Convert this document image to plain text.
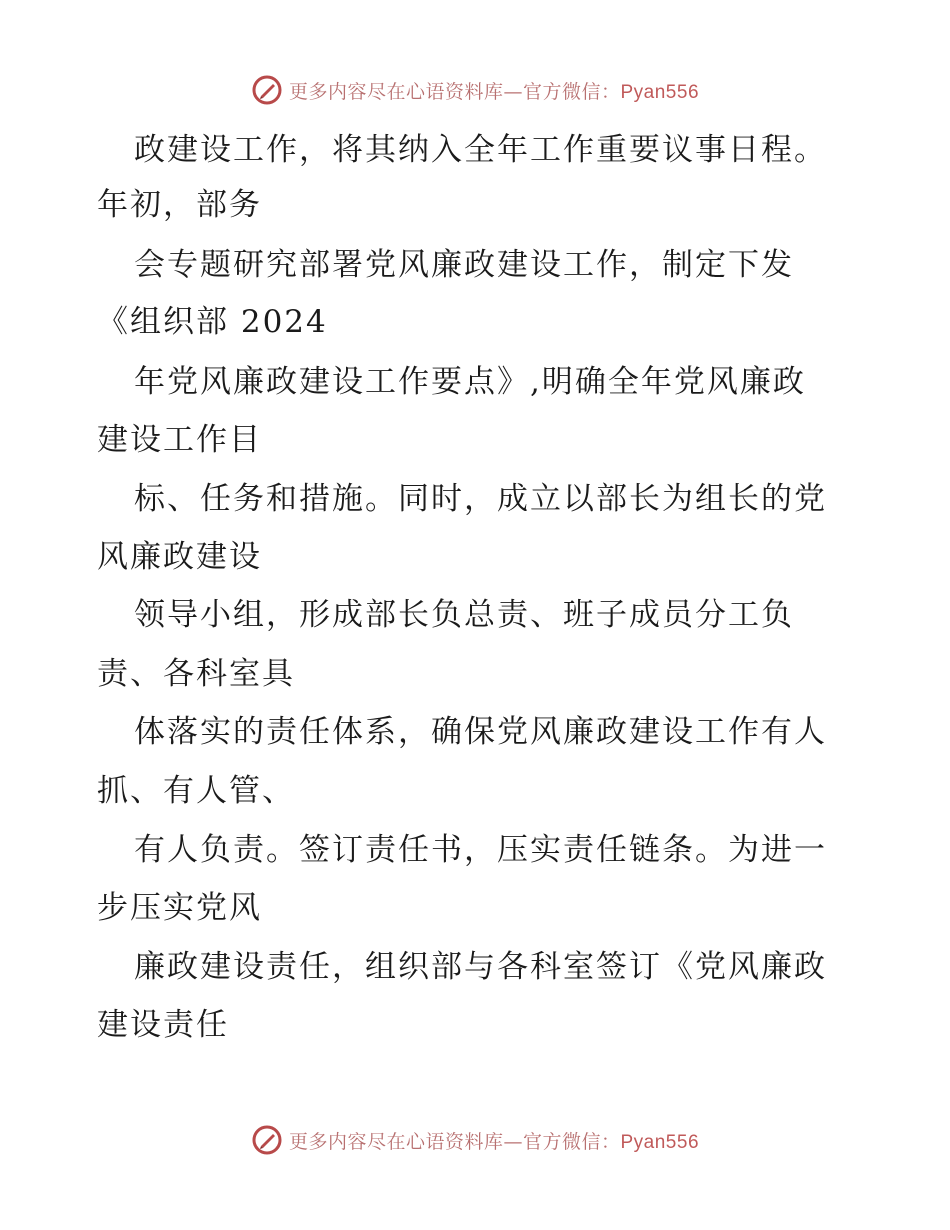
更多内容尽在心语资料库—官方微信：Pyan556
政建设工作，将其纳入全年工作重要议事日程。
年初，部务
会专题研究部署党风廉政建设工作，制定下发
《组织部 2024
年党风廉政建设工作要点》,明确全年党风廉政
建设工作目
标、任务和措施。同时，成立以部长为组长的党
风廉政建设
领导小组，形成部长负总责、班子成员分工负
责、各科室具
体落实的责任体系，确保党风廉政建设工作有人
抓、有人管、
有人负责。签订责任书，压实责任链条。为进一
步压实党风
廉政建设责任，组织部与各科室签订《党风廉政
建设责任
更多内容尽在心语资料库—官方微信：Pyan556
